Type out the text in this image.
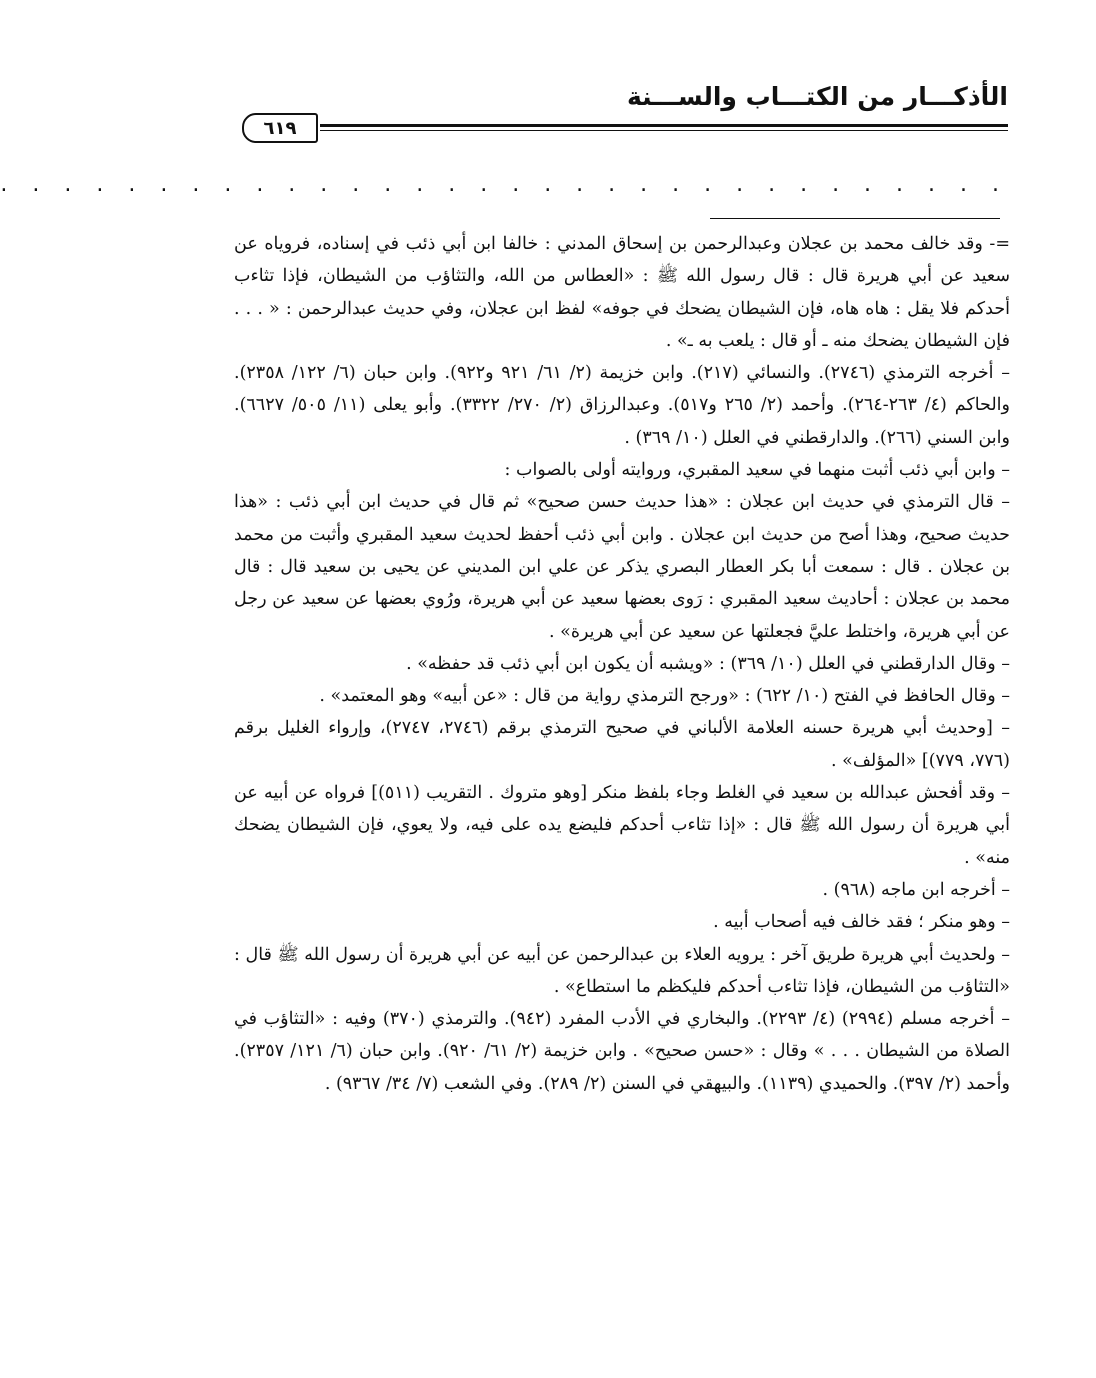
الأذكـــار من الكتـــاب والســـنة
٦١٩
. . . . . . . . . . . . . . . . . . . . . . . . . . . . . . . .

=- وقد خالف محمد بن عجلان وعبدالرحمن بن إسحاق المدني : خالفا ابن أبي ذئب في إسناده، فروياه عن سعيد عن أبي هريرة قال : قال رسول الله ﷺ : «العطاس من الله، والتثاؤب من الشيطان، فإذا تثاءب أحدكم فلا يقل : هاه هاه، فإن الشيطان يضحك في جوفه» لفظ ابن عجلان، وفي حديث عبدالرحمن : « . . . فإن الشيطان يضحك منه ـ أو قال : يلعب به ـ» .

– أخرجه الترمذي (٢٧٤٦). والنسائي (٢١٧). وابن خزيمة (٢/ ٦١/ ٩٢١ و٩٢٢). وابن حبان (٦/ ١٢٢/ ٢٣٥٨). والحاكم (٤/ ٢٦٣-٢٦٤). وأحمد (٢/ ٢٦٥ و٥١٧). وعبدالرزاق (٢/ ٢٧٠/ ٣٣٢٢). وأبو يعلى (١١/ ٥٠٥/ ٦٦٢٧). وابن السني (٢٦٦). والدارقطني في العلل (١٠/ ٣٦٩) .

– وابن أبي ذئب أثبت منهما في سعيد المقبري، وروايته أولى بالصواب :

– قال الترمذي في حديث ابن عجلان : «هذا حديث حسن صحيح» ثم قال في حديث ابن أبي ذئب : «هذا حديث صحيح، وهذا أصح من حديث ابن عجلان . وابن أبي ذئب أحفظ لحديث سعيد المقبري وأثبت من محمد بن عجلان . قال : سمعت أبا بكر العطار البصري يذكر عن علي ابن المديني عن يحيى بن سعيد قال : قال محمد بن عجلان : أحاديث سعيد المقبري : رَوى بعضها سعيد عن أبي هريرة، ورُوي بعضها عن سعيد عن رجل عن أبي هريرة، واختلط عليَّ فجعلتها عن سعيد عن أبي هريرة» .

– وقال الدارقطني في العلل (١٠/ ٣٦٩) : «ويشبه أن يكون ابن أبي ذئب قد حفظه» .

– وقال الحافظ في الفتح (١٠/ ٦٢٢) : «ورجح الترمذي رواية من قال : «عن أبيه» وهو المعتمد» .

– [وحديث أبي هريرة حسنه العلامة الألباني في صحيح الترمذي برقم (٢٧٤٦، ٢٧٤٧)، وإرواء الغليل برقم (٧٧٦، ٧٧٩)] «المؤلف» .

– وقد أفحش عبدالله بن سعيد في الغلط وجاء بلفظ منكر [وهو متروك . التقريب (٥١١)] فرواه عن أبيه عن أبي هريرة أن رسول الله ﷺ قال : «إذا تثاءب أحدكم فليضع يده على فيه، ولا يعوي، فإن الشيطان يضحك منه» .

– أخرجه ابن ماجه (٩٦٨) .

– وهو منكر ؛ فقد خالف فيه أصحاب أبيه .

– ولحديث أبي هريرة طريق آخر : يرويه العلاء بن عبدالرحمن عن أبيه عن أبي هريرة أن رسول الله ﷺ قال : «التثاؤب من الشيطان، فإذا تثاءب أحدكم فليكظم ما استطاع» .

– أخرجه مسلم (٢٩٩٤) (٤/ ٢٢٩٣). والبخاري في الأدب المفرد (٩٤٢). والترمذي (٣٧٠) وفيه : «التثاؤب في الصلاة من الشيطان . . . » وقال : «حسن صحيح» . وابن خزيمة (٢/ ٦١/ ٩٢٠). وابن حبان (٦/ ١٢١/ ٢٣٥٧). وأحمد (٢/ ٣٩٧). والحميدي (١١٣٩). والبيهقي في السنن (٢/ ٢٨٩). وفي الشعب (٧/ ٣٤/ ٩٣٦٧) .
